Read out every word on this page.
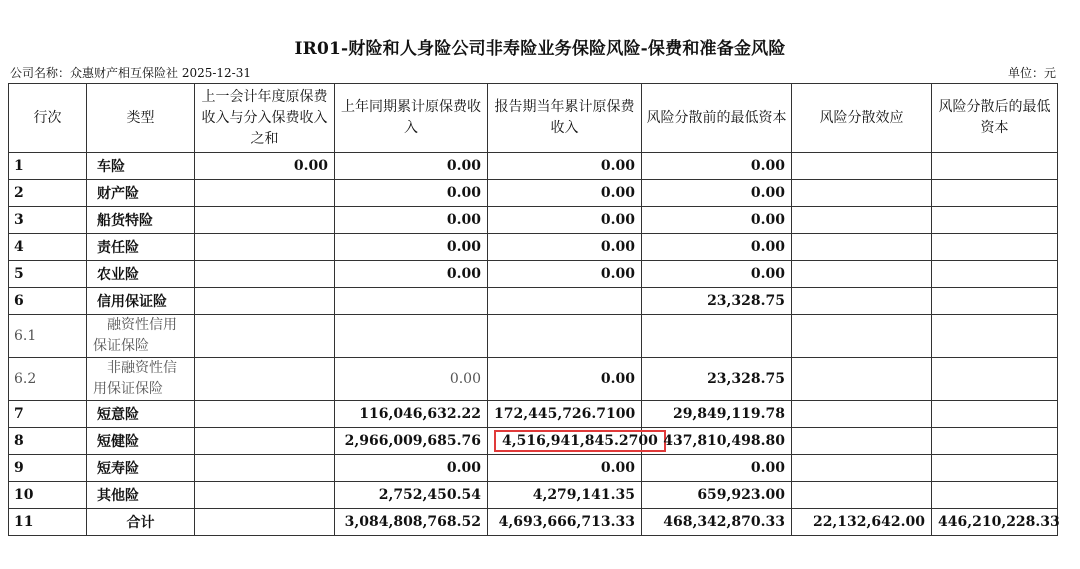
IR01-财险和人身险公司非寿险业务保险风险-保费和准备金风险
公司名称：众惠财产相互保险社 2025-12-31	单位：元
行次	类型	上一会计年度原保费收入与分入保费收入之和	上年同期累计原保费收入	报告期当年累计原保费收入	风险分散前的最低资本	风险分散效应	风险分散后的最低资本
1	车险	0.00	0.00	0.00	0.00		
2	财产险		0.00	0.00	0.00		
3	船货特险		0.00	0.00	0.00		
4	责任险		0.00	0.00	0.00		
5	农业险		0.00	0.00	0.00		
6	信用保证险				23,328.75		
6.1	融资性信用
保证保险						
6.2	非融资性信
用保证保险		0.00	0.00	23,328.75		
7	短意险		116,046,632.22	172,445,726.7100	29,849,119.78		
8	短健险		2,966,009,685.76	4,516,941,845.2700	437,810,498.80		
9	短寿险		0.00	0.00	0.00		
10	其他险		2,752,450.54	4,279,141.35	659,923.00		
11	合计		3,084,808,768.52	4,693,666,713.33	468,342,870.33	22,132,642.00	446,210,228.33
